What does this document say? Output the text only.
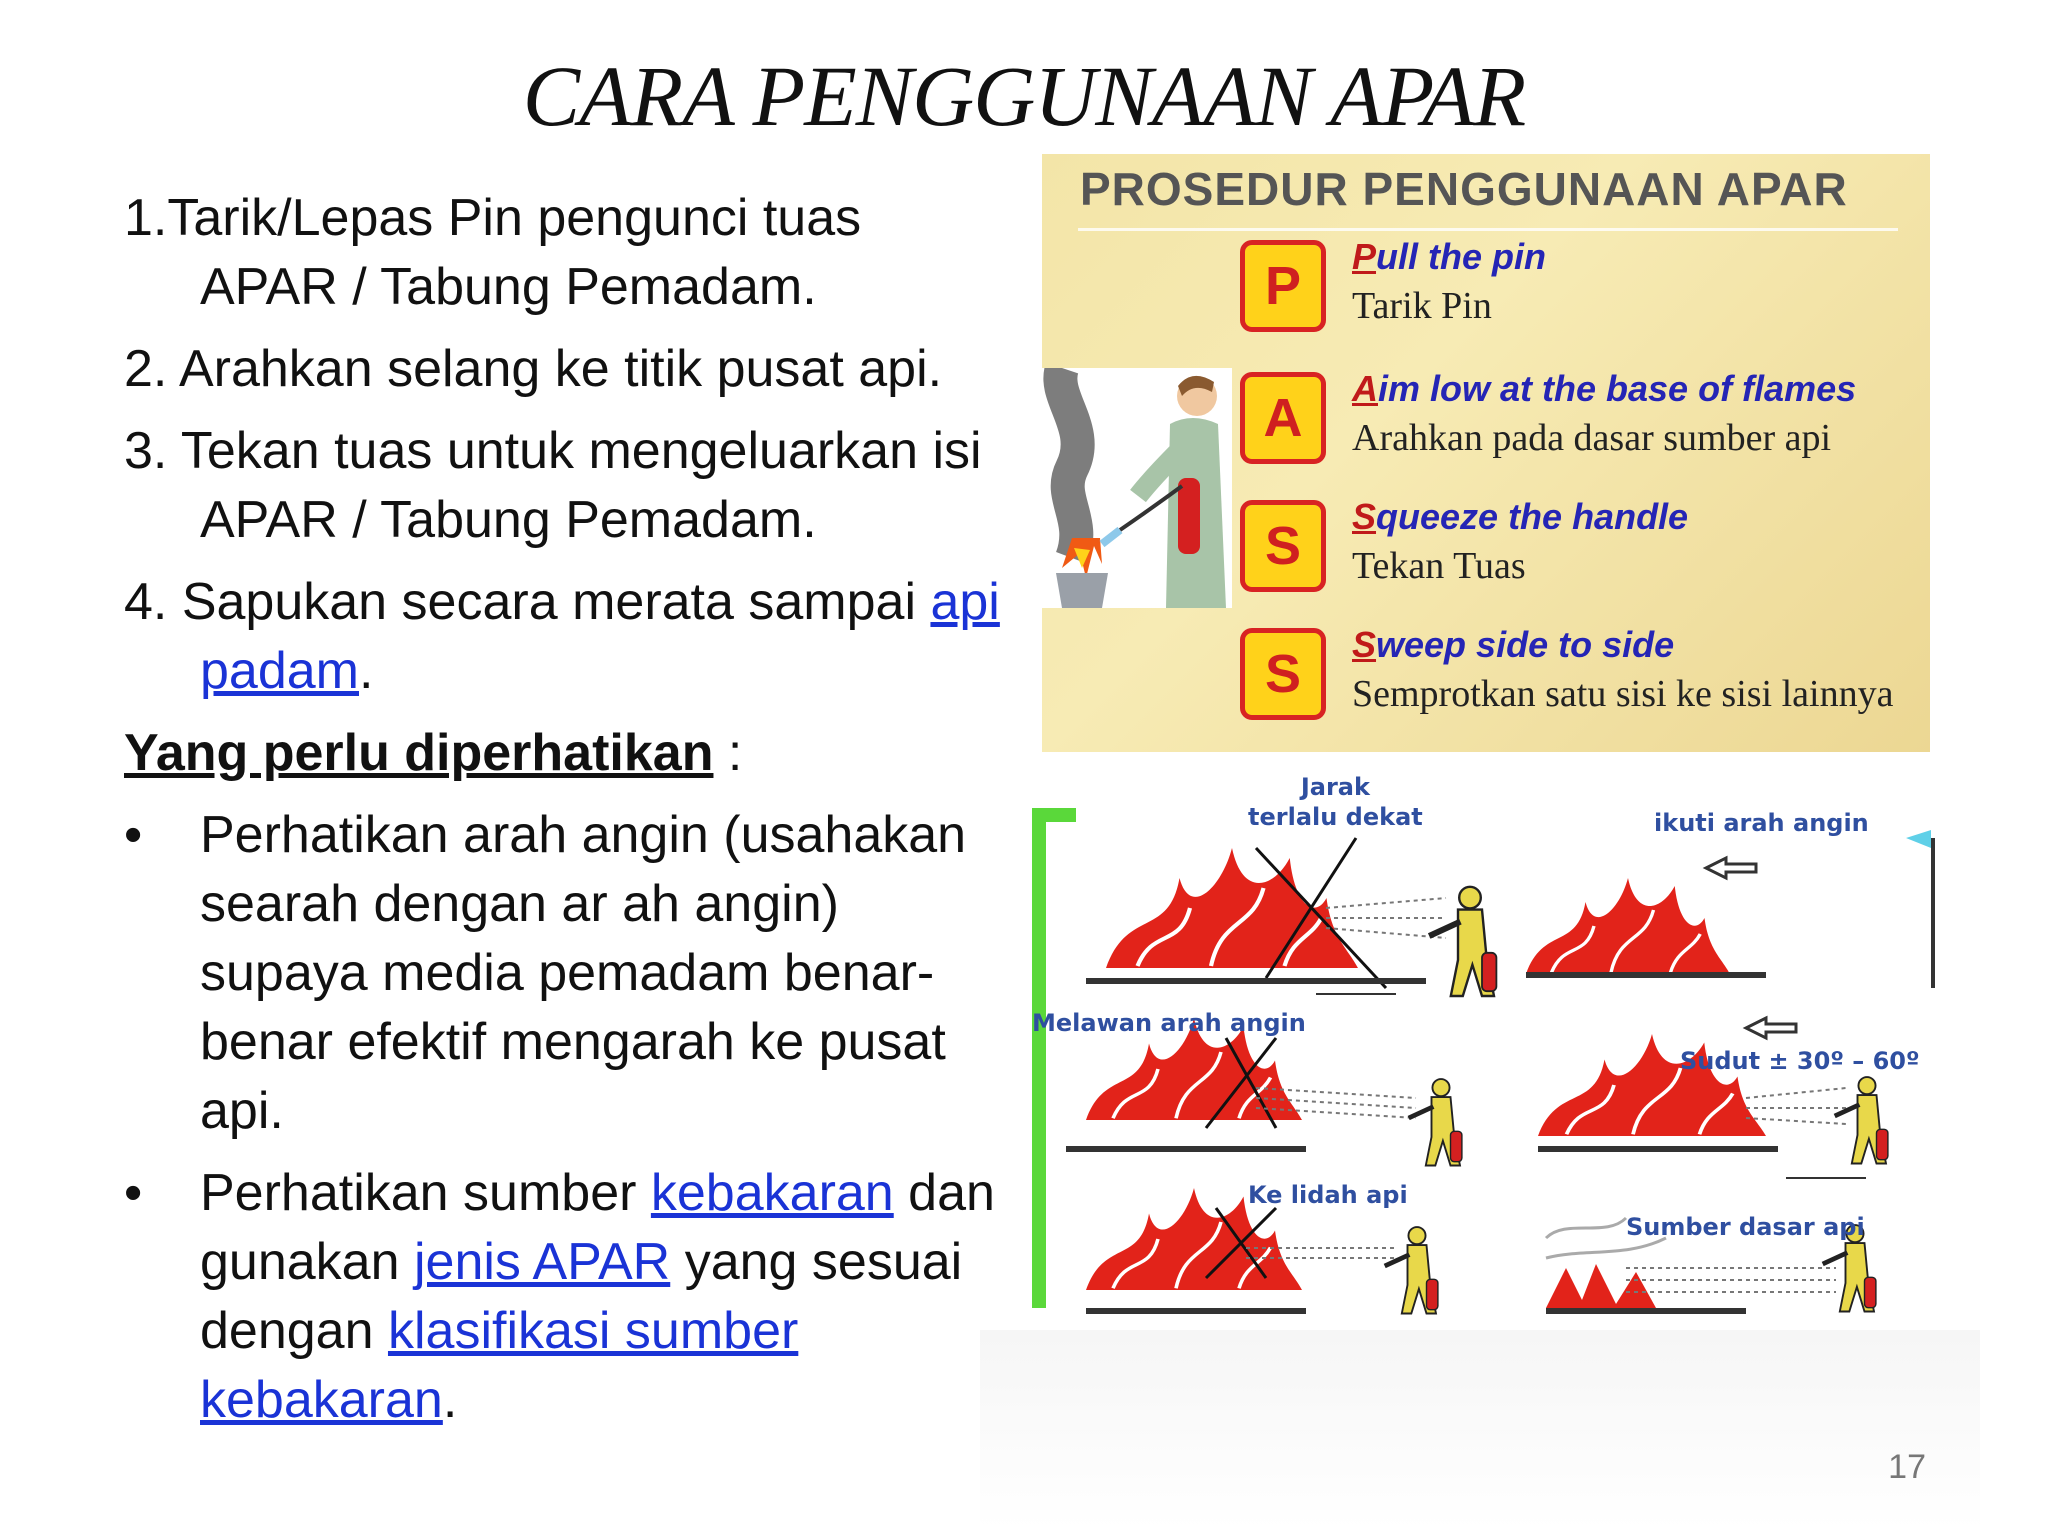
CARA PENGGUNAAN APAR

1.Tarik/Lepas Pin pengunci tuas APAR / Tabung Pemadam.

2. Arahkan selang ke titik pusat api.

3. Tekan tuas untuk mengeluarkan isi APAR / Tabung Pemadam.

4. Sapukan secara merata sampai api padam.

Yang perlu diperhatikan :

•	Perhatikan arah angin (usahakan searah dengan ar ah angin) supaya media pemadam benar-benar efektif mengarah ke pusat api.
•	Perhatikan sumber kebakaran dan gunakan jenis APAR yang sesuai dengan klasifikasi sumber kebakaran.
PROSEDUR PENGGUNAAN APAR
P	Pull the pin
Tarik Pin
A	Aim low at the base of flames
Arahkan pada dasar sumber api
S	Squeeze the handle
Tekan Tuas
S	Sweep side to side
Semprotkan satu sisi ke sisi lainnya
Jarak
terlalu dekat	ikuti arah angin
Melawan arah angin
Sudut ± 30º – 60º
Ke lidah api
Sumber dasar api
17
